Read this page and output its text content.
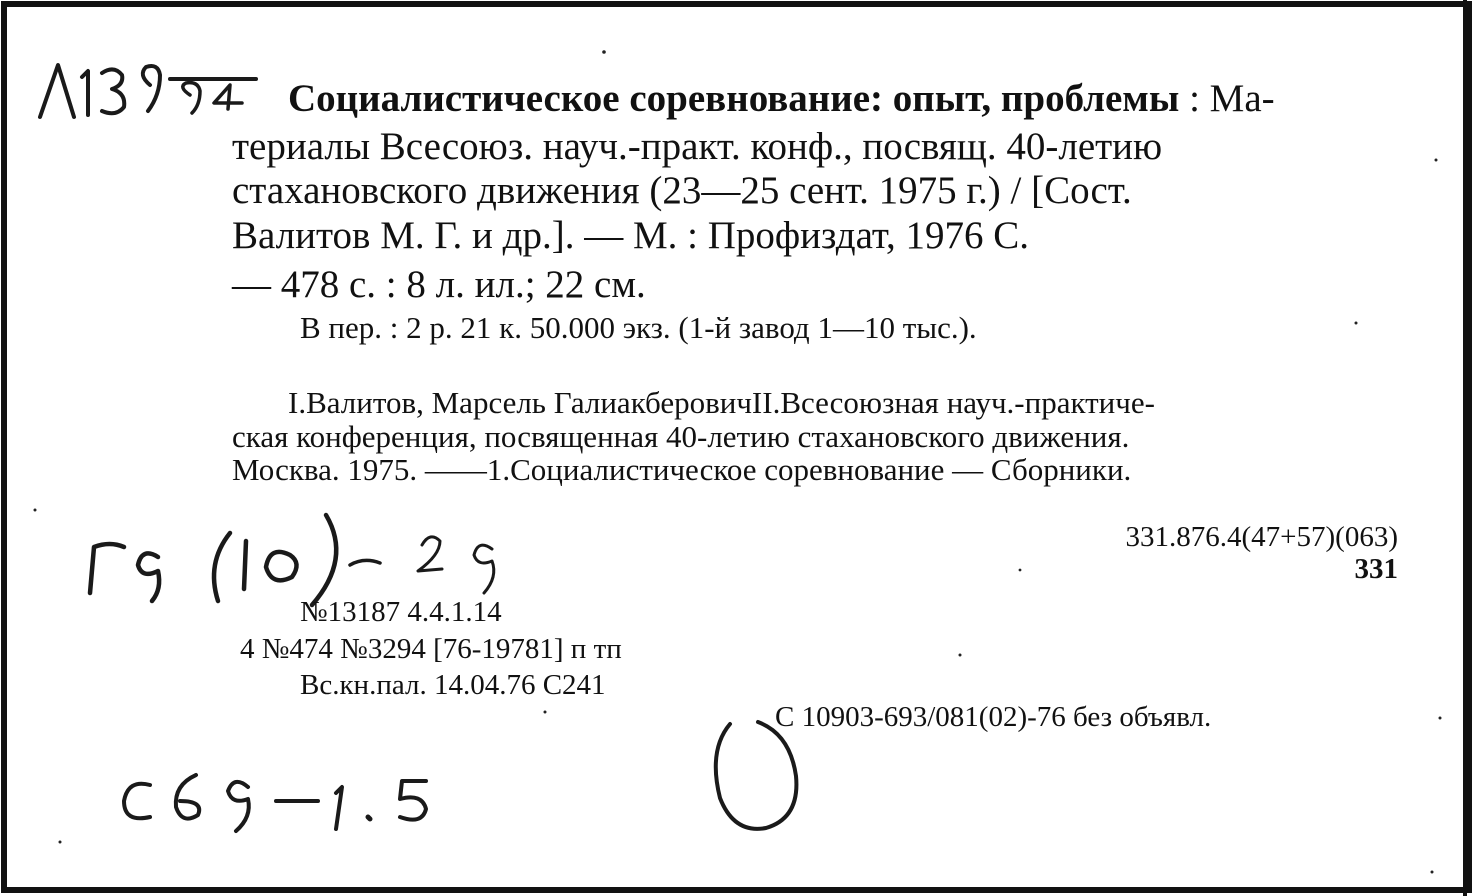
Социалистическое соревнование: опыт, проблемы : Ма-
териалы Всесоюз. науч.-практ. конф., посвящ. 40-летию
стахановского движения (23—25 сент. 1975 г.) / [Сост.
Валитов М. Г. и др.]. — М. : Профиздат, 1976 С.
— 478 с. : 8 л. ил.; 22 см.
В пер. : 2 р. 21 к. 50.000 экз. (1-й завод 1—10 тыс.).
I.Валитов, Марсель ГалиакберовичII.Всесоюзная науч.-практиче-
ская конференция, посвященная 40-летию стахановского движения.
Москва. 1975. ——1.Социалистическое соревнование — Сборники.
331.876.4(47+57)(063)
331
№13187 4.4.1.14
4 №474 №3294 [76-19781] п тп
Вс.кн.пал. 14.04.76 С241
С 10903-693/081(02)-76 без объявл.
